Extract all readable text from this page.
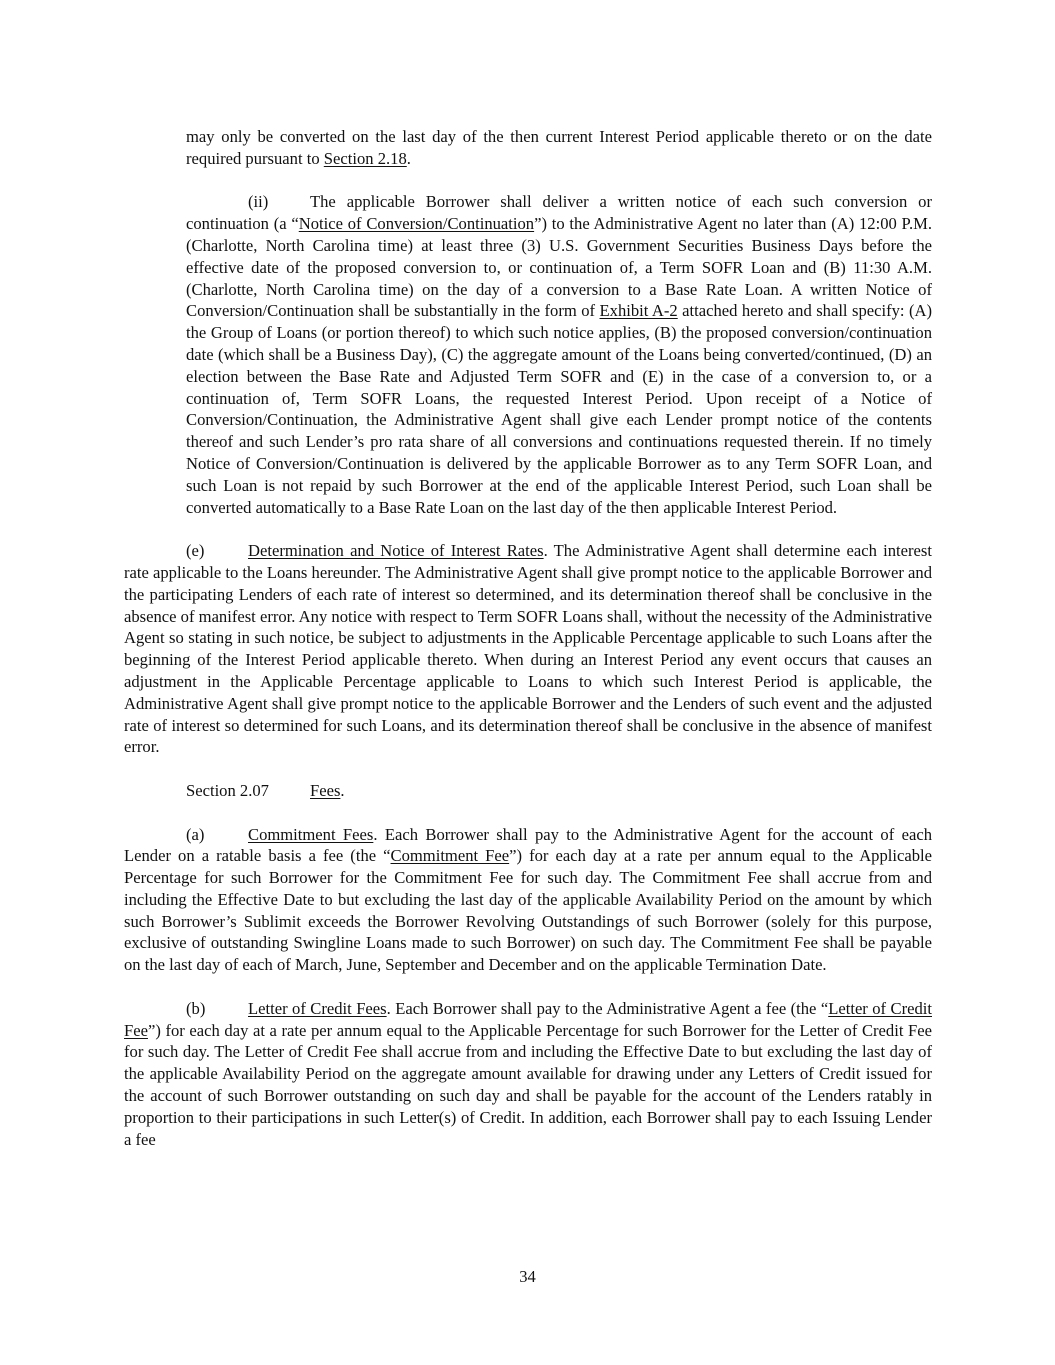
may only be converted on the last day of the then current Interest Period applicable thereto or on the date required pursuant to Section 2.18.

(ii)	The applicable Borrower shall deliver a written notice of each such conversion or continuation (a “Notice of Conversion/Continuation”) to the Administrative Agent no later than (A) 12:00 P.M. (Charlotte, North Carolina time) at least three (3) U.S. Government Securities Business Days before the effective date of the proposed conversion to, or continuation of, a Term SOFR Loan and (B) 11:30 A.M. (Charlotte, North Carolina time) on the day of a conversion to a Base Rate Loan. A written Notice of Conversion/Continuation shall be substantially in the form of Exhibit A-2 attached hereto and shall specify: (A) the Group of Loans (or portion thereof) to which such notice applies, (B) the proposed conversion/continuation date (which shall be a Business Day), (C) the aggregate amount of the Loans being converted/continued, (D) an election between the Base Rate and Adjusted Term SOFR and (E) in the case of a conversion to, or a continuation of, Term SOFR Loans, the requested Interest Period. Upon receipt of a Notice of Conversion/Continuation, the Administrative Agent shall give each Lender prompt notice of the contents thereof and such Lender’s pro rata share of all conversions and continuations requested therein. If no timely Notice of Conversion/Continuation is delivered by the applicable Borrower as to any Term SOFR Loan, and such Loan is not repaid by such Borrower at the end of the applicable Interest Period, such Loan shall be converted automatically to a Base Rate Loan on the last day of the then applicable Interest Period.

(e)	Determination and Notice of Interest Rates. The Administrative Agent shall determine each interest rate applicable to the Loans hereunder. The Administrative Agent shall give prompt notice to the applicable Borrower and the participating Lenders of each rate of interest so determined, and its determination thereof shall be conclusive in the absence of manifest error. Any notice with respect to Term SOFR Loans shall, without the necessity of the Administrative Agent so stating in such notice, be subject to adjustments in the Applicable Percentage applicable to such Loans after the beginning of the Interest Period applicable thereto. When during an Interest Period any event occurs that causes an adjustment in the Applicable Percentage applicable to Loans to which such Interest Period is applicable, the Administrative Agent shall give prompt notice to the applicable Borrower and the Lenders of such event and the adjusted rate of interest so determined for such Loans, and its determination thereof shall be conclusive in the absence of manifest error.

Section 2.07 Fees.

(a)	Commitment Fees. Each Borrower shall pay to the Administrative Agent for the account of each Lender on a ratable basis a fee (the “Commitment Fee”) for each day at a rate per annum equal to the Applicable Percentage for such Borrower for the Commitment Fee for such day. The Commitment Fee shall accrue from and including the Effective Date to but excluding the last day of the applicable Availability Period on the amount by which such Borrower’s Sublimit exceeds the Borrower Revolving Outstandings of such Borrower (solely for this purpose, exclusive of outstanding Swingline Loans made to such Borrower) on such day. The Commitment Fee shall be payable on the last day of each of March, June, September and December and on the applicable Termination Date.

(b)	Letter of Credit Fees. Each Borrower shall pay to the Administrative Agent a fee (the “Letter of Credit Fee”) for each day at a rate per annum equal to the Applicable Percentage for such Borrower for the Letter of Credit Fee for such day. The Letter of Credit Fee shall accrue from and including the Effective Date to but excluding the last day of the applicable Availability Period on the aggregate amount available for drawing under any Letters of Credit issued for the account of such Borrower outstanding on such day and shall be payable for the account of the Lenders ratably in proportion to their participations in such Letter(s) of Credit. In addition, each Borrower shall pay to each Issuing Lender a fee

34
